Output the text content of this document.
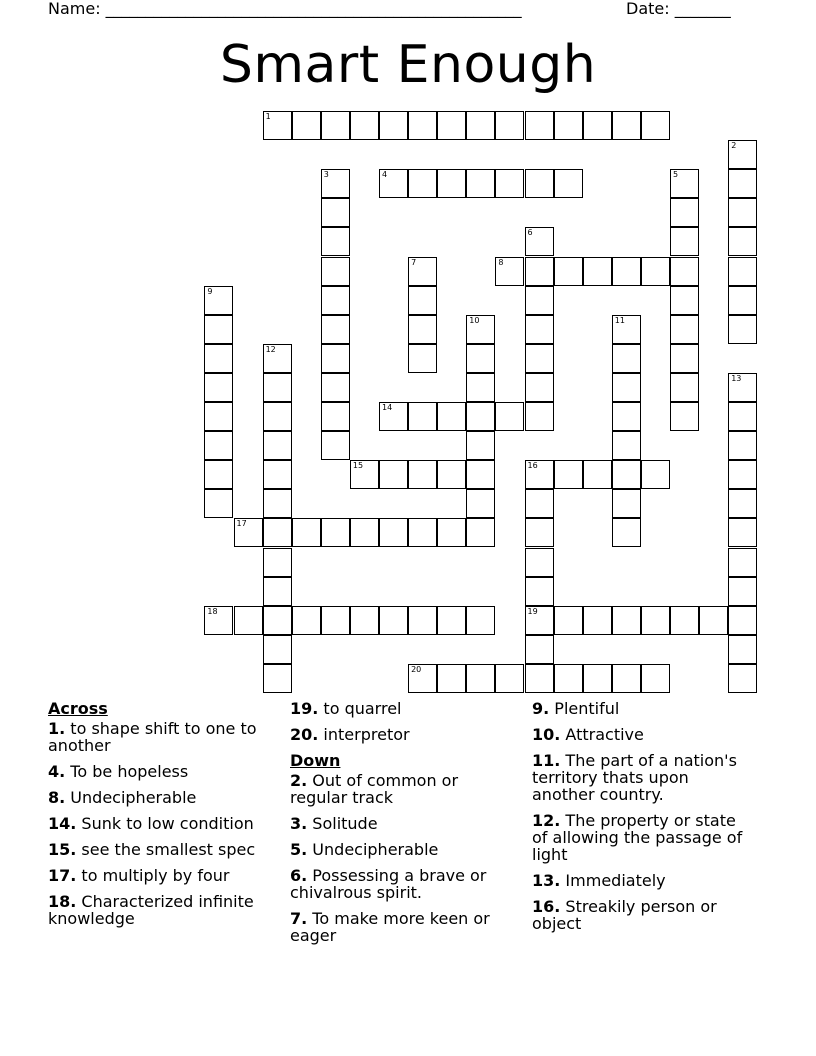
Name: ____________________________________________________	Date: _______
Smart Enough
1
2
3	4	5
6
8
7
9
10	11
12
13
14
15	16
19
17
18
20
Across
1. to shape shift to one to another
4. To be hopeless
8. Undecipherable
14. Sunk to low condition
15. see the smallest spec
17. to multiply by four
18. Characterized infinite knowledge
19. to quarrel
20. interpretor
Down
2. Out of common or regular track
3. Solitude
5. Undecipherable
6. Possessing a brave or chivalrous spirit.
7. To make more keen or eager
9. Plentiful
10. Attractive
11. The part of a nation's territory thats upon another country.
12. The property or state of allowing the passage of light
13. Immediately
16. Streakily person or object
